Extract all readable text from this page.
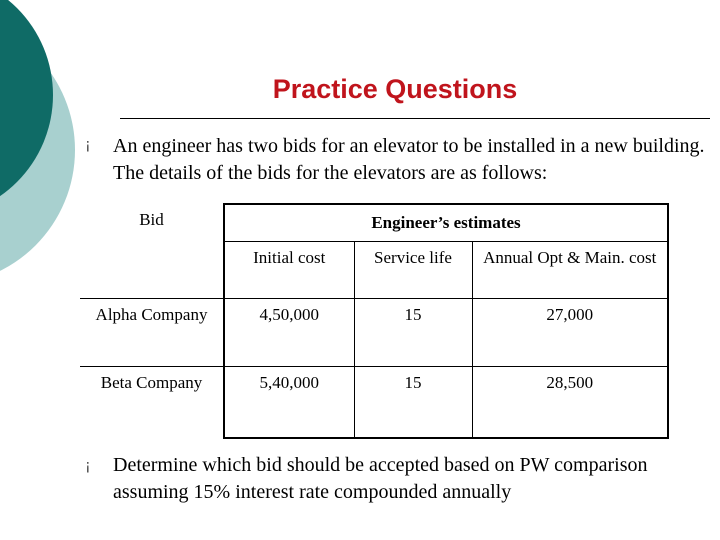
Practice Questions
¡ An engineer has two bids for an elevator to be installed in a new building. The details of the bids for the elevators are as follows:
Bid	Engineer’s estimates		
	Initial cost	Service life	Annual Opt & Main. cost
Alpha Company	4,50,000	15	27,000
Beta Company	5,40,000	15	28,500
¡ Determine which bid should be accepted based on PW comparison assuming 15% interest rate compounded annually
